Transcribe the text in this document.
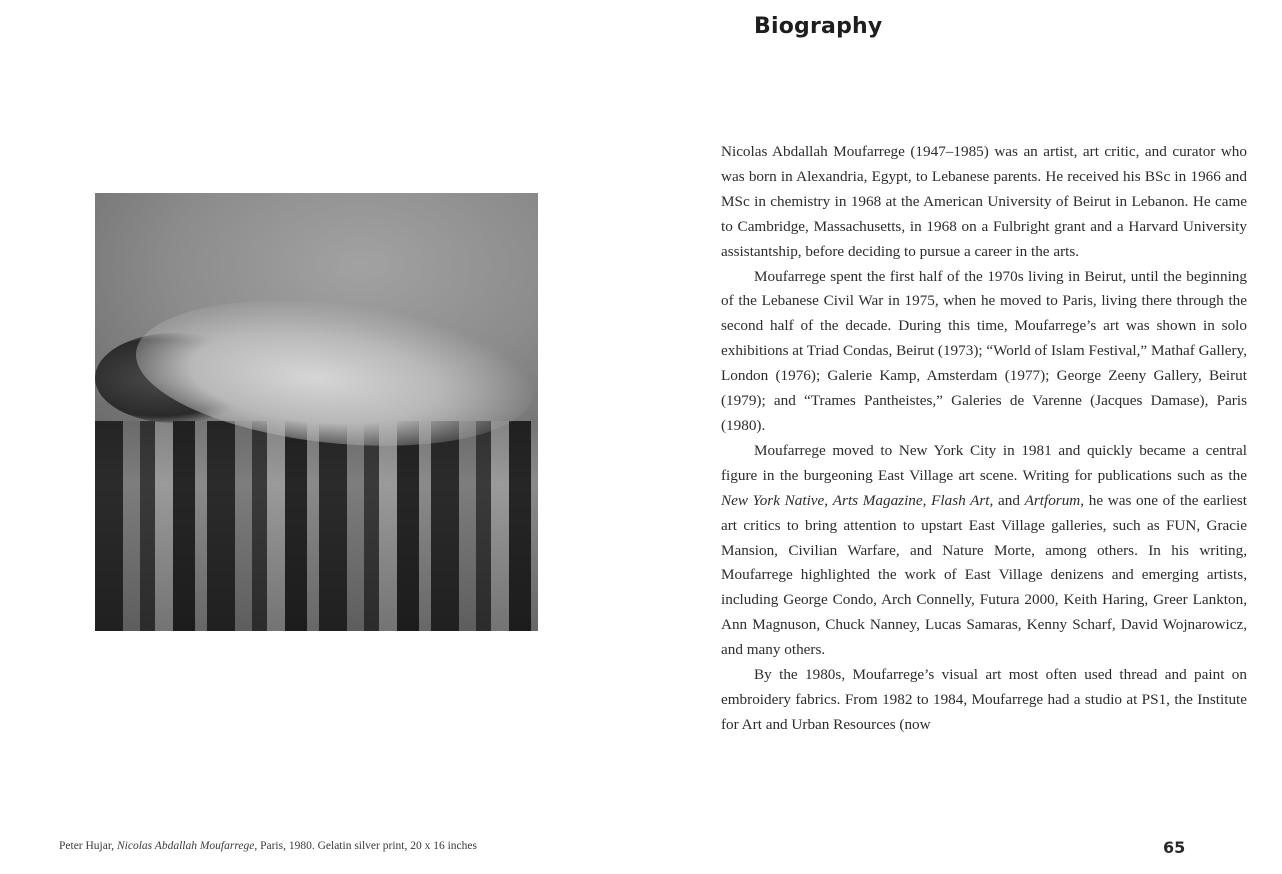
Peter Hujar, Nicolas Abdallah Moufarrege, Paris, 1980. Gelatin silver print, 20 x 16 inches
Biography

Nicolas Abdallah Moufarrege (1947–1985) was an artist, art critic, and curator who was born in Alexandria, Egypt, to Lebanese parents. He received his BSc in 1966 and MSc in chemistry in 1968 at the American University of Beirut in Lebanon. He came to Cambridge, Massachusetts, in 1968 on a Fulbright grant and a Harvard University assistantship, before deciding to pursue a career in the arts.

Moufarrege spent the first half of the 1970s living in Beirut, until the beginning of the Lebanese Civil War in 1975, when he moved to Paris, living there through the second half of the decade. During this time, Moufarrege’s art was shown in solo exhibitions at Triad Condas, Beirut (1973); “World of Islam Festival,” Mathaf Gallery, London (1976); Galerie Kamp, Amsterdam (1977); George Zeeny Gallery, Beirut (1979); and “Trames Pantheistes,” Galeries de Varenne (Jacques Damase), Paris (1980).

Moufarrege moved to New York City in 1981 and quickly became a central figure in the burgeoning East Village art scene. Writing for publications such as the New York Native, Arts Magazine, Flash Art, and Artforum, he was one of the earliest art critics to bring attention to upstart East Village galleries, such as FUN, Gracie Mansion, Civilian Warfare, and Nature Morte, among others. In his writing, Moufarrege highlighted the work of East Village denizens and emerging artists, including George Condo, Arch Connelly, Futura 2000, Keith Haring, Greer Lankton, Ann Magnuson, Chuck Nanney, Lucas Samaras, Kenny Scharf, David Wojnarowicz, and many others.

By the 1980s, Moufarrege’s visual art most often used thread and paint on embroidery fabrics. From 1982 to 1984, Moufarrege had a studio at PS1, the Institute for Art and Urban Resources (now

65
